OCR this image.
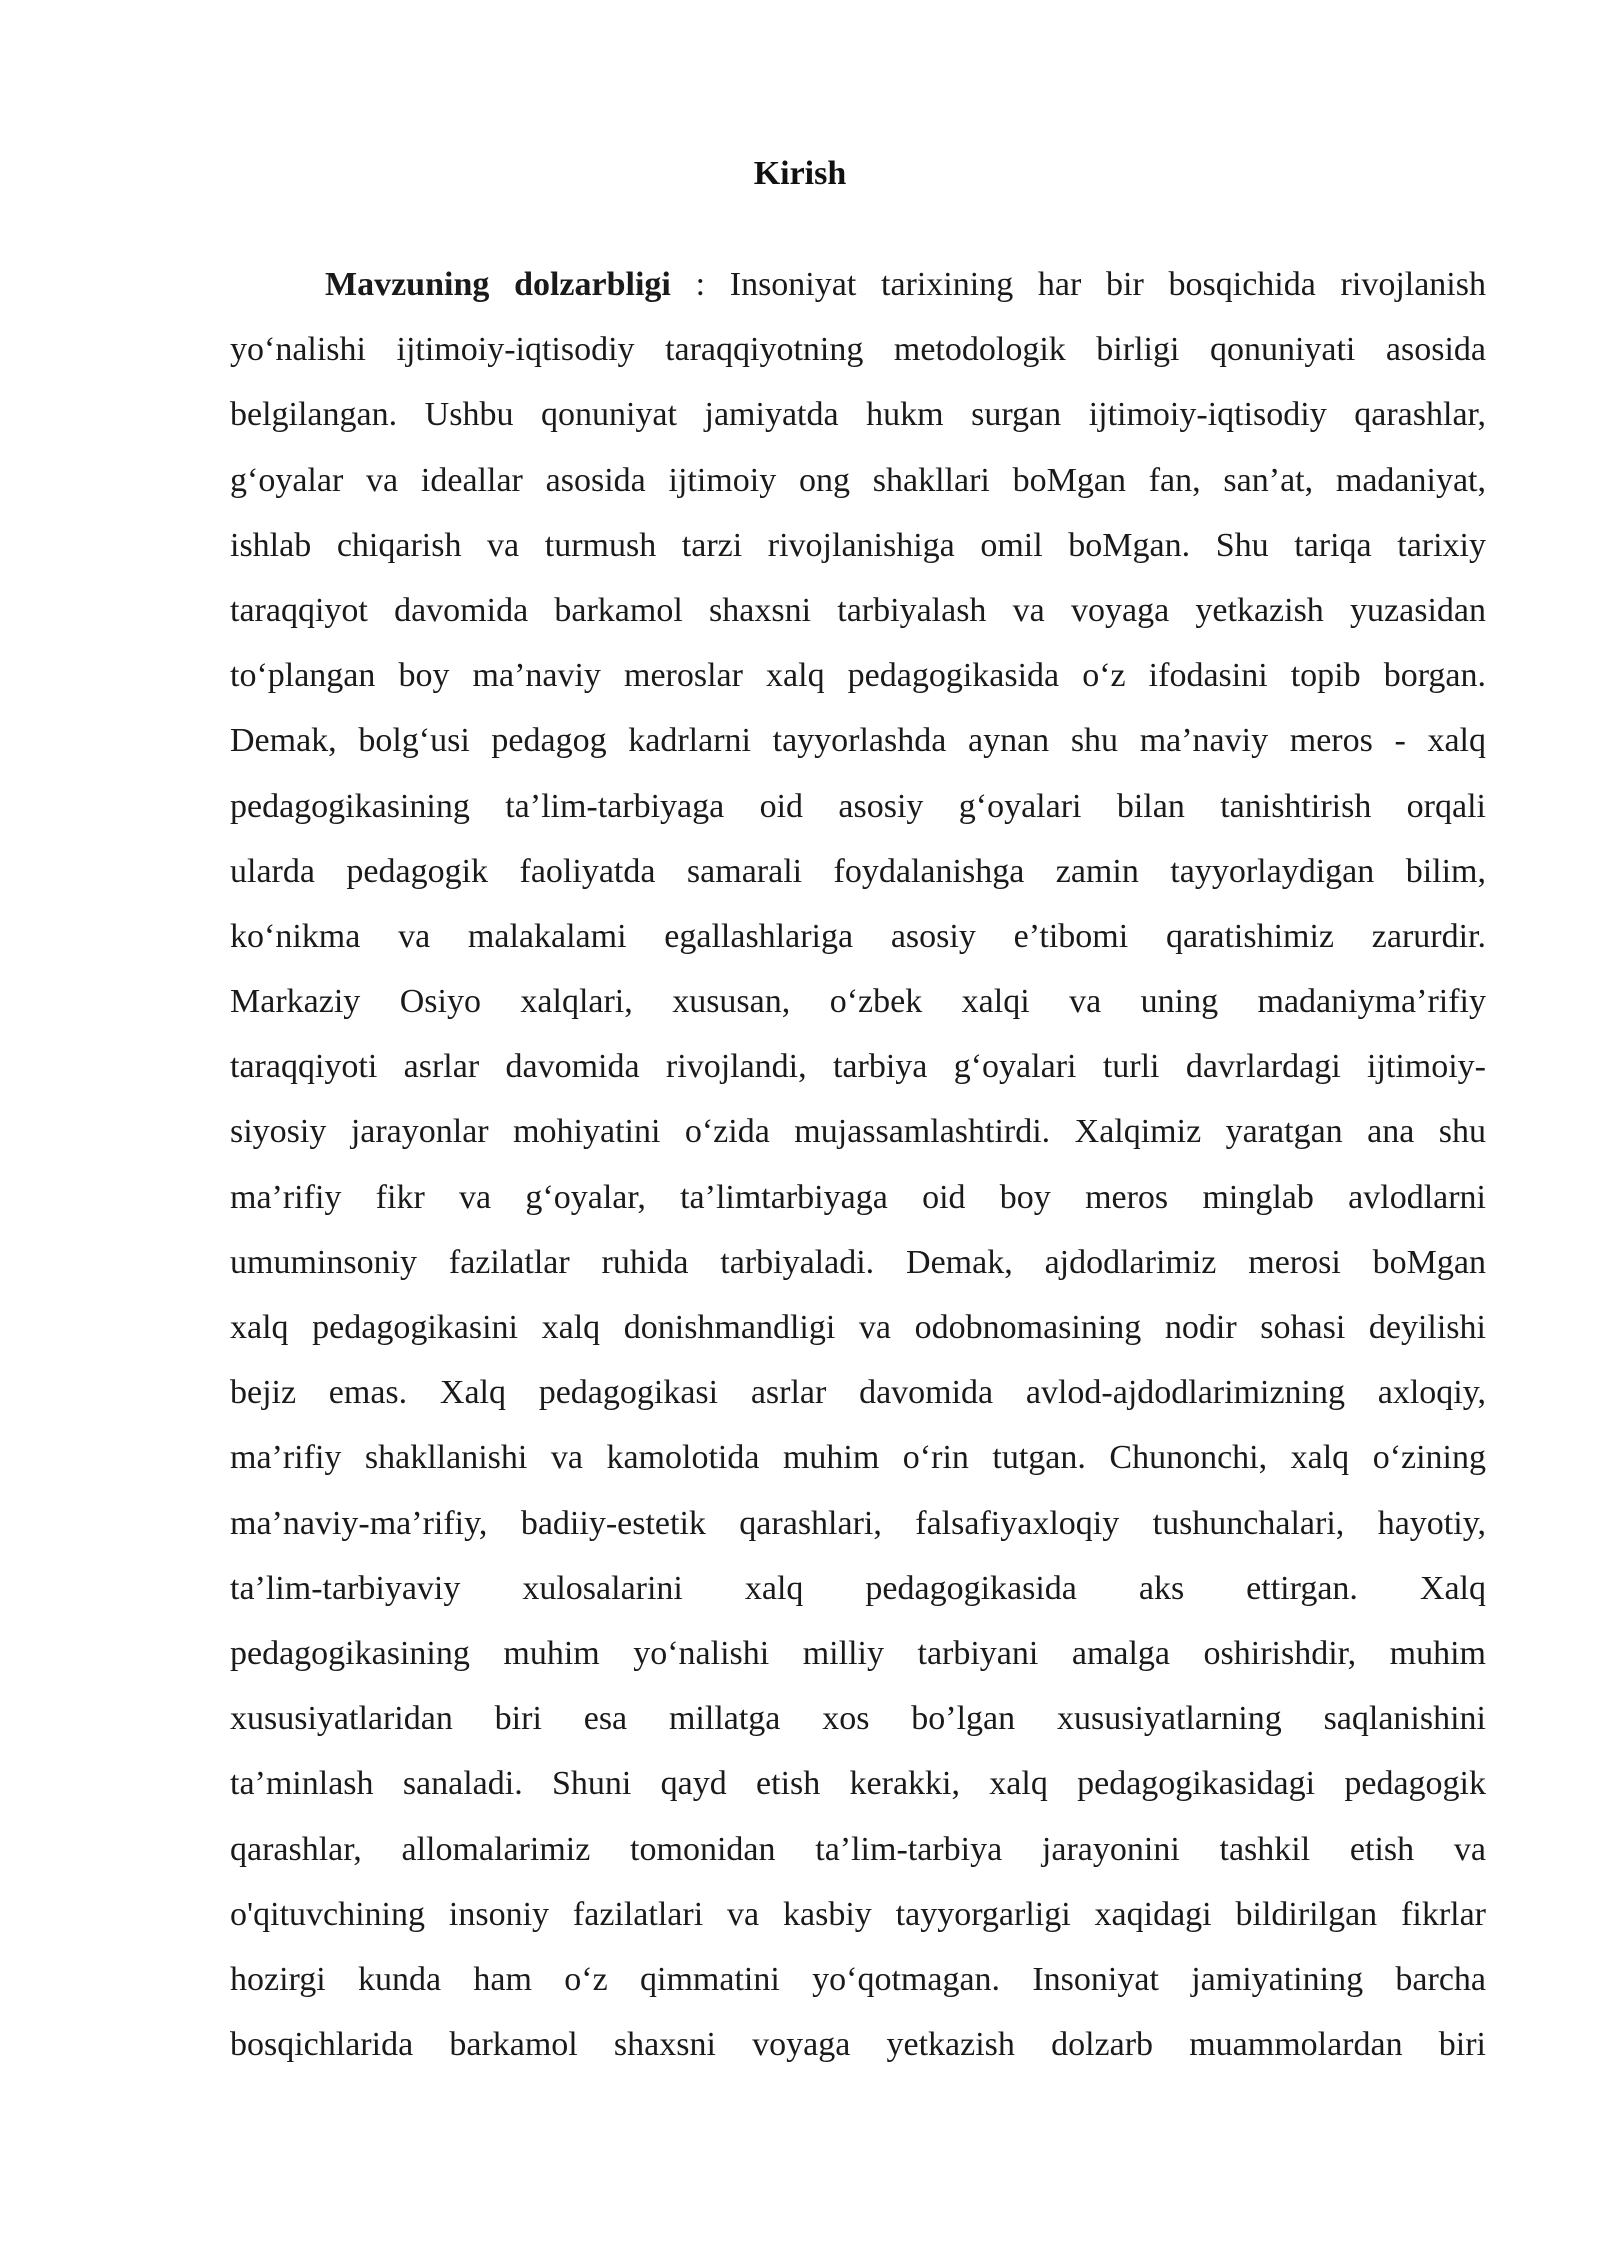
Kirish
Mavzuning dolzarbligi : Insoniyat tarixining har bir bosqichida rivojlanish
yo‘nalishi ijtimoiy-iqtisodiy taraqqiyotning metodologik birligi qonuniyati asosida
belgilangan. Ushbu qonuniyat jamiyatda hukm surgan ijtimoiy-iqtisodiy qarashlar,
g‘oyalar va ideallar asosida ijtimoiy ong shakllari boMgan fan, san’at, madaniyat,
ishlab chiqarish va turmush tarzi rivojlanishiga omil boMgan. Shu tariqa tarixiy
taraqqiyot davomida barkamol shaxsni tarbiyalash va voyaga yetkazish yuzasidan
to‘plangan boy ma’naviy meroslar xalq pedagogikasida o‘z ifodasini topib borgan.
Demak, bolg‘usi pedagog kadrlarni tayyorlashda aynan shu ma’naviy meros - xalq
pedagogikasining ta’lim-tarbiyaga oid asosiy g‘oyalari bilan tanishtirish orqali
ularda pedagogik faoliyatda samarali foydalanishga zamin tayyorlaydigan bilim,
ko‘nikma va malakalami egallashlariga asosiy e’tibomi qaratishimiz zarurdir.
Markaziy Osiyo xalqlari, xususan, o‘zbek xalqi va uning madaniyma’rifiy
taraqqiyoti asrlar davomida rivojlandi, tarbiya g‘oyalari turli davrlardagi ijtimoiy-
siyosiy jarayonlar mohiyatini o‘zida mujassamlashtirdi. Xalqimiz yaratgan ana shu
ma’rifiy fikr va g‘oyalar, ta’limtarbiyaga oid boy meros minglab avlodlarni
umuminsoniy fazilatlar ruhida tarbiyaladi. Demak, ajdodlarimiz merosi boMgan
xalq pedagogikasini xalq donishmandligi va odobnomasining nodir sohasi deyilishi
bejiz emas. Xalq pedagogikasi asrlar davomida avlod-ajdodlarimizning axloqiy,
ma’rifiy shakllanishi va kamolotida muhim o‘rin tutgan. Chunonchi, xalq o‘zining
ma’naviy-ma’rifiy, badiiy-estetik qarashlari, falsafiyaxloqiy tushunchalari, hayotiy,
ta’lim-tarbiyaviy xulosalarini xalq pedagogikasida aks ettirgan. Xalq
pedagogikasining muhim yo‘nalishi milliy tarbiyani amalga oshirishdir, muhim
xususiyatlaridan biri esa millatga xos bo’lgan xususiyatlarning saqlanishini
ta’minlash sanaladi. Shuni qayd etish kerakki, xalq pedagogikasidagi pedagogik
qarashlar, allomalarimiz tomonidan ta’lim-tarbiya jarayonini tashkil etish va
o'qituvchining insoniy fazilatlari va kasbiy tayyorgarligi xaqidagi bildirilgan fikrlar
hozirgi kunda ham o‘z qimmatini yo‘qotmagan. Insoniyat jamiyatining barcha
bosqichlarida barkamol shaxsni voyaga yetkazish dolzarb muammolardan biri
